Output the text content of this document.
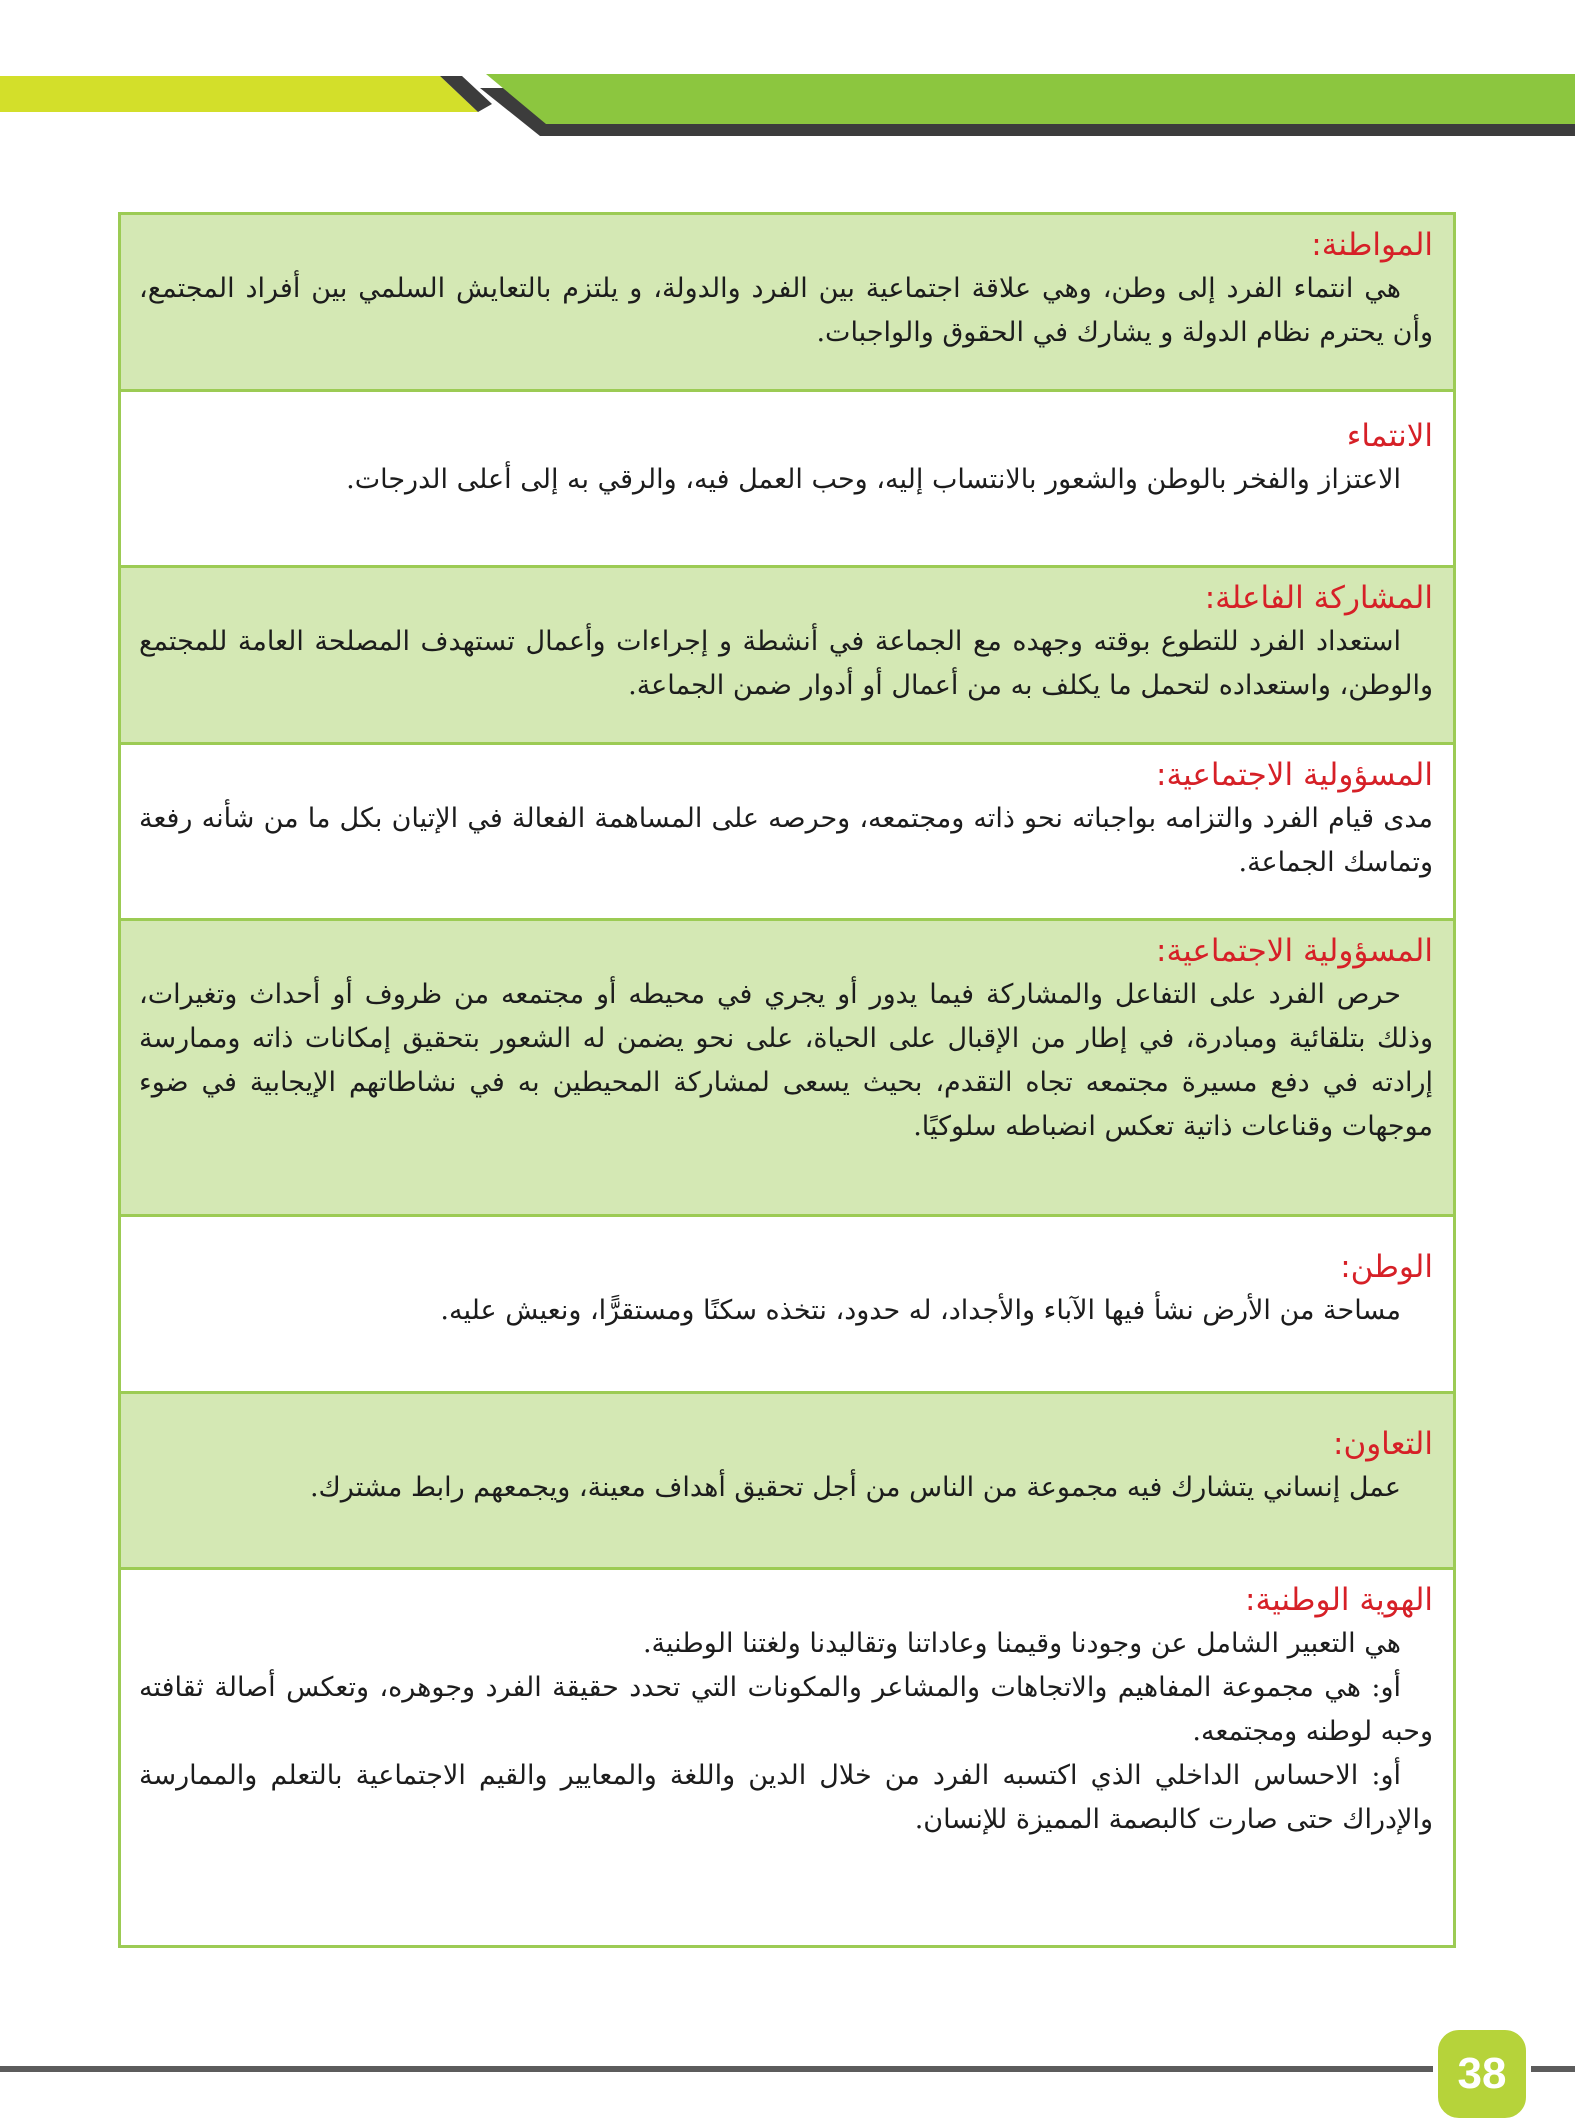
المواطنة:

هي انتماء الفرد إلى وطن، وهي علاقة اجتماعية بين الفرد والدولة، و يلتزم بالتعايش السلمي بين أفراد المجتمع، وأن يحترم نظام الدولة و يشارك في الحقوق والواجبات.

الانتماء

الاعتزاز والفخر بالوطن والشعور بالانتساب إليه، وحب العمل فيه، والرقي به إلى أعلى الدرجات.

المشاركة الفاعلة:

استعداد الفرد للتطوع بوقته وجهده مع الجماعة في أنشطة و إجراءات وأعمال تستهدف المصلحة العامة للمجتمع والوطن، واستعداده لتحمل ما يكلف به من أعمال أو أدوار ضمن الجماعة.

المسؤولية الاجتماعية:

مدى قيام الفرد والتزامه بواجباته نحو ذاته ومجتمعه، وحرصه على المساهمة الفعالة في الإتيان بكل ما من شأنه رفعة وتماسك الجماعة.

المسؤولية الاجتماعية:

حرص الفرد على التفاعل والمشاركة فيما يدور أو يجري في محيطه أو مجتمعه من ظروف أو أحداث وتغيرات، وذلك بتلقائية ومبادرة، في إطار من الإقبال على الحياة، على نحو يضمن له الشعور بتحقيق إمكانات ذاته وممارسة إرادته في دفع مسيرة مجتمعه تجاه التقدم، بحيث يسعى لمشاركة المحيطين به في نشاطاتهم الإيجابية في ضوء موجهات وقناعات ذاتية تعكس انضباطه سلوكيًا.

الوطن:

مساحة من الأرض نشأ فيها الآباء والأجداد، له حدود، نتخذه سكنًا ومستقرًّا، ونعيش عليه.

التعاون:

عمل إنساني يتشارك فيه مجموعة من الناس من أجل تحقيق أهداف معينة، ويجمعهم رابط مشترك.

الهوية الوطنية:

هي التعبير الشامل عن وجودنا وقيمنا وعاداتنا وتقاليدنا ولغتنا الوطنية.

أو: هي مجموعة المفاهيم والاتجاهات والمشاعر والمكونات التي تحدد حقيقة الفرد وجوهره، وتعكس أصالة ثقافته وحبه لوطنه ومجتمعه.

أو: الاحساس الداخلي الذي اكتسبه الفرد من خلال الدين واللغة والمعايير والقيم الاجتماعية بالتعلم والممارسة والإدراك حتى صارت كالبصمة المميزة للإنسان.

38
